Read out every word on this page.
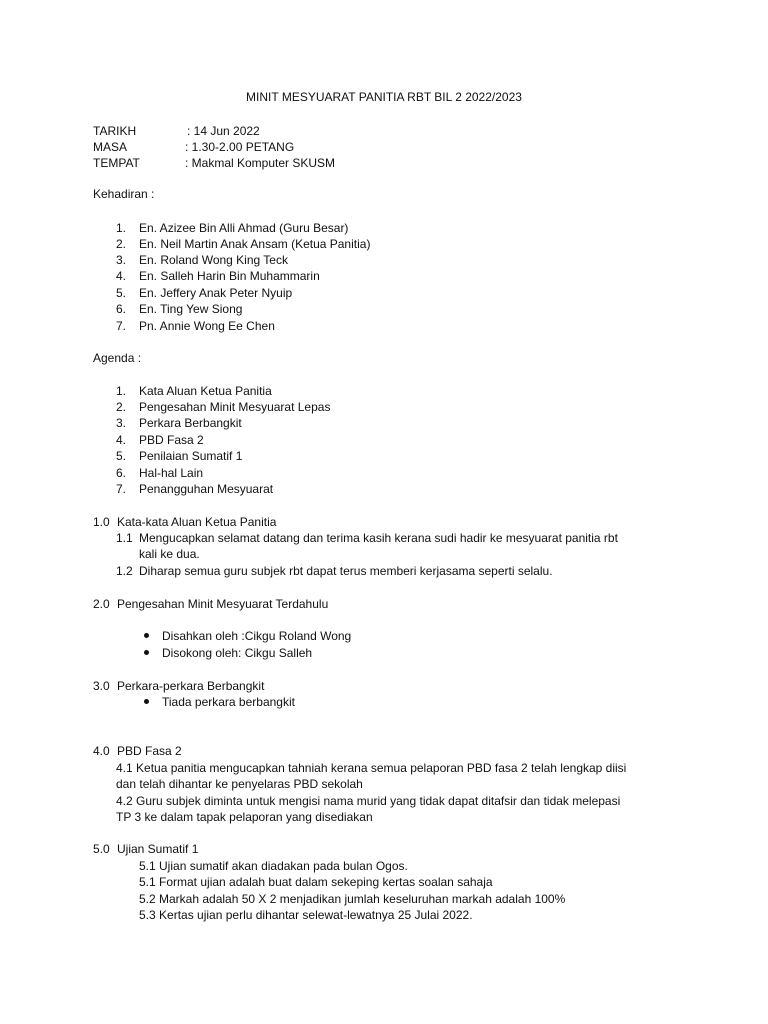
MINIT MESYUARAT PANITIA RBT BIL 2 2022/2023
TARIKH	: 14 Jun 2022
MASA	: 1.30-2.00 PETANG
TEMPAT	: Makmal Komputer SKUSM
Kehadiran :
1. En. Azizee Bin Alli Ahmad (Guru Besar)
2. En. Neil Martin Anak Ansam (Ketua Panitia)
3. En. Roland Wong King Teck
4. En. Salleh Harin Bin Muhammarin
5. En. Jeffery Anak Peter Nyuip
6. En. Ting Yew Siong
7. Pn. Annie Wong Ee Chen
Agenda :
1. Kata Aluan Ketua Panitia
2. Pengesahan Minit Mesyuarat Lepas
3. Perkara Berbangkit
4. PBD Fasa 2
5. Penilaian Sumatif 1
6. Hal-hal Lain
7. Penangguhan Mesyuarat
1.0 Kata-kata Aluan Ketua Panitia
1.1 Mengucapkan selamat datang dan terima kasih kerana sudi hadir ke mesyuarat panitia rbt
kali ke dua.
1.2 Diharap semua guru subjek rbt dapat terus memberi kerjasama seperti selalu.
2.0 Pengesahan Minit Mesyuarat Terdahulu
Disahkan oleh :Cikgu Roland Wong
Disokong oleh: Cikgu Salleh
3.0 Perkara-perkara Berbangkit
Tiada perkara berbangkit
4.0 PBD Fasa 2
4.1 Ketua panitia mengucapkan tahniah kerana semua pelaporan PBD fasa 2 telah lengkap diisi
dan telah dihantar ke penyelaras PBD sekolah
4.2 Guru subjek diminta untuk mengisi nama murid yang tidak dapat ditafsir dan tidak melepasi
TP 3 ke dalam tapak pelaporan yang disediakan
5.0 Ujian Sumatif 1
5.1 Ujian sumatif akan diadakan pada bulan Ogos.
5.1 Format ujian adalah buat dalam sekeping kertas soalan sahaja
5.2 Markah adalah 50 X 2 menjadikan jumlah keseluruhan markah adalah 100%
5.3 Kertas ujian perlu dihantar selewat-lewatnya 25 Julai 2022.
